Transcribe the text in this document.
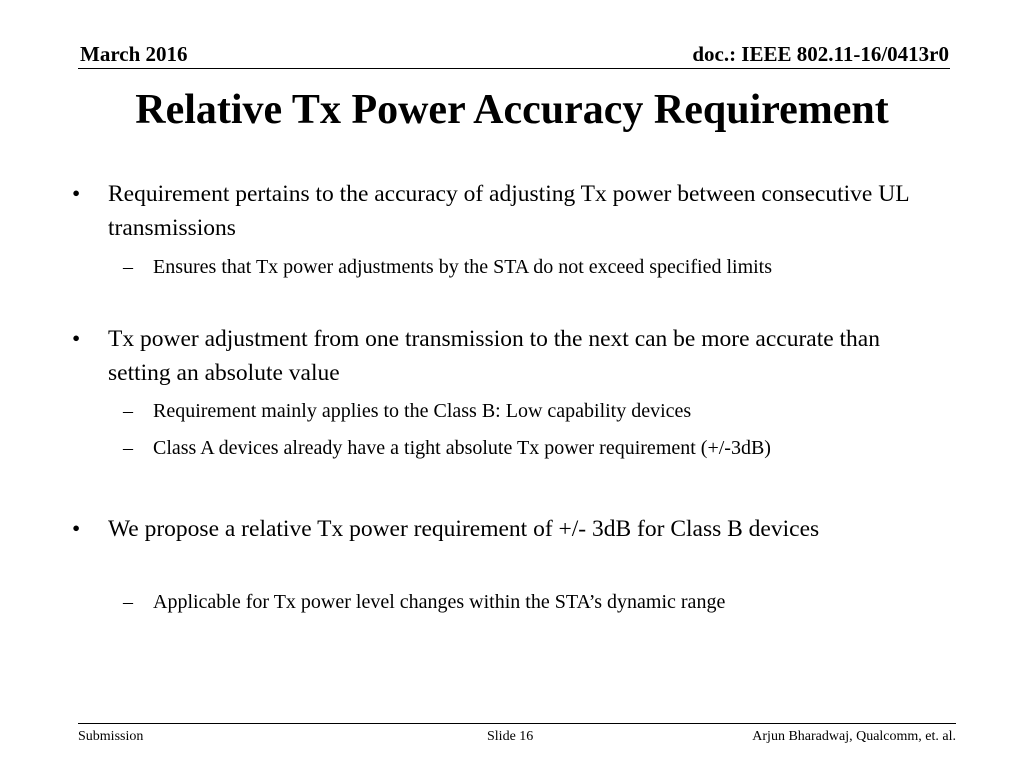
March 2016	doc.: IEEE 802.11-16/0413r0
Relative Tx Power Accuracy Requirement
• Requirement pertains to the accuracy of adjusting Tx power between consecutive UL transmissions
– Ensures that Tx power adjustments by the STA do not exceed specified limits
• Tx power adjustment from one transmission to the next can be more accurate than setting an absolute value
– Requirement mainly applies to the Class B: Low capability devices
– Class A devices already have a tight absolute Tx power requirement (+/-3dB)
• We propose a relative Tx power requirement of +/- 3dB for Class B devices
– Applicable for Tx power level changes within the STA’s dynamic range
Submission	Slide 16	Arjun Bharadwaj, Qualcomm, et. al.
